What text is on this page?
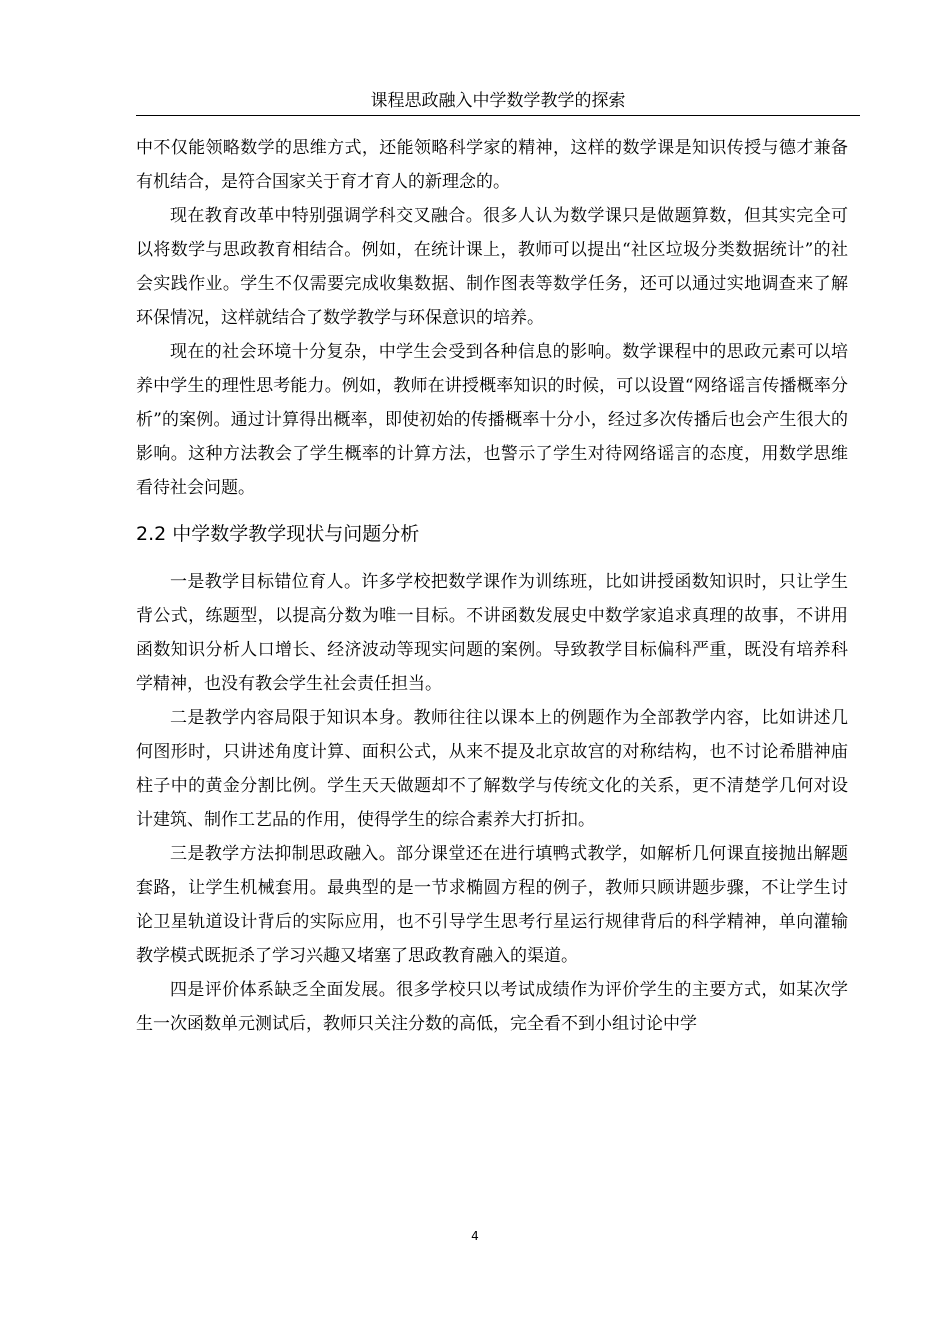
课程思政融入中学数学教学的探索

中不仅能领略数学的思维方式，还能领略科学家的精神，这样的数学课是知识传授与德才兼备有机结合，是符合国家关于育才育人的新理念的。

现在教育改革中特别强调学科交叉融合。很多人认为数学课只是做题算数，但其实完全可以将数学与思政教育相结合。例如，在统计课上，教师可以提出“社区垃圾分类数据统计”的社会实践作业。学生不仅需要完成收集数据、制作图表等数学任务，还可以通过实地调查来了解环保情况，这样就结合了数学教学与环保意识的培养。

现在的社会环境十分复杂，中学生会受到各种信息的影响。数学课程中的思政元素可以培养中学生的理性思考能力。例如，教师在讲授概率知识的时候，可以设置“网络谣言传播概率分析”的案例。通过计算得出概率，即使初始的传播概率十分小，经过多次传播后也会产生很大的影响。这种方法教会了学生概率的计算方法，也警示了学生对待网络谣言的态度，用数学思维看待社会问题。

2.2 中学数学教学现状与问题分析

一是教学目标错位育人。许多学校把数学课作为训练班，比如讲授函数知识时，只让学生背公式，练题型，以提高分数为唯一目标。不讲函数发展史中数学家追求真理的故事，不讲用函数知识分析人口增长、经济波动等现实问题的案例。导致教学目标偏科严重，既没有培养科学精神，也没有教会学生社会责任担当。

二是教学内容局限于知识本身。教师往往以课本上的例题作为全部教学内容，比如讲述几何图形时，只讲述角度计算、面积公式，从来不提及北京故宫的对称结构，也不讨论希腊神庙柱子中的黄金分割比例。学生天天做题却不了解数学与传统文化的关系，更不清楚学几何对设计建筑、制作工艺品的作用，使得学生的综合素养大打折扣。

三是教学方法抑制思政融入。部分课堂还在进行填鸭式教学，如解析几何课直接抛出解题套路，让学生机械套用。最典型的是一节求椭圆方程的例子，教师只顾讲题步骤，不让学生讨论卫星轨道设计背后的实际应用，也不引导学生思考行星运行规律背后的科学精神，单向灌输教学模式既扼杀了学习兴趣又堵塞了思政教育融入的渠道。

四是评价体系缺乏全面发展。很多学校只以考试成绩作为评价学生的主要方式，如某次学生一次函数单元测试后，教师只关注分数的高低，完全看不到小组讨论中学

4
